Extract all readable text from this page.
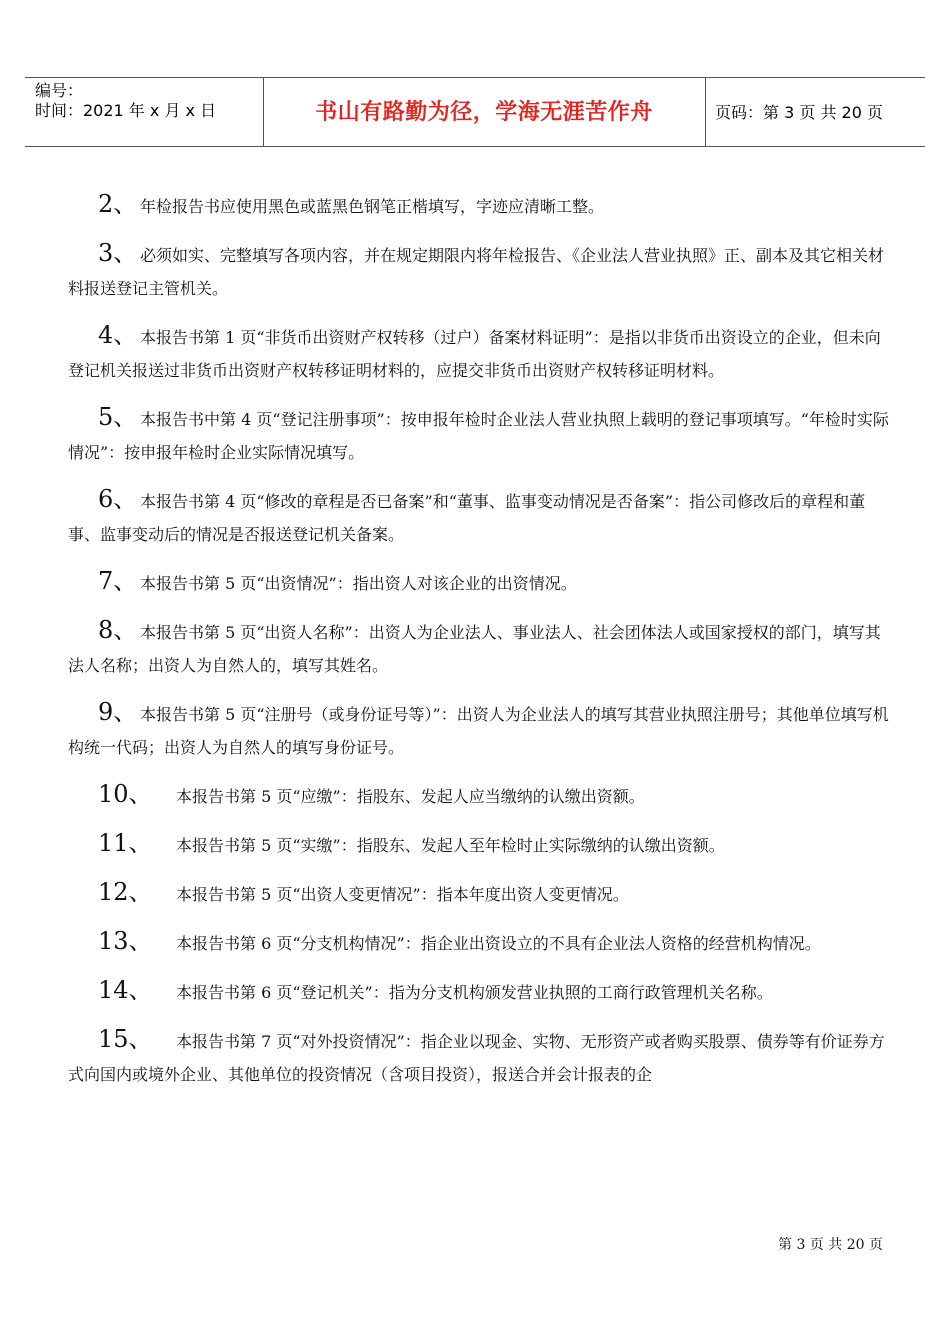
编号：
时间：2021 年 x 月 x 日	书山有路勤为径，学海无涯苦作舟	页码：第 3 页 共 20 页
2、 年检报告书应使用黑色或蓝黑色钢笔正楷填写，字迹应清晰工整。
3、 必须如实、完整填写各项内容，并在规定期限内将年检报告、《企业法人营业执照》正、副本及其它相关材料报送登记主管机关。
4、 本报告书第 1 页“非货币出资财产权转移（过户）备案材料证明”：是指以非货币出资设立的企业，但未向登记机关报送过非货币出资财产权转移证明材料的，应提交非货币出资财产权转移证明材料。
5、 本报告书中第 4 页“登记注册事项”：按申报年检时企业法人营业执照上载明的登记事项填写。“年检时实际情况”：按申报年检时企业实际情况填写。
6、 本报告书第 4 页“修改的章程是否已备案”和“董事、监事变动情况是否备案”：指公司修改后的章程和董事、监事变动后的情况是否报送登记机关备案。
7、 本报告书第 5 页“出资情况”：指出资人对该企业的出资情况。
8、 本报告书第 5 页“出资人名称”：出资人为企业法人、事业法人、社会团体法人或国家授权的部门，填写其法人名称；出资人为自然人的，填写其姓名。
9、 本报告书第 5 页“注册号（或身份证号等）”：出资人为企业法人的填写其营业执照注册号；其他单位填写机构统一代码；出资人为自然人的填写身份证号。
10、 本报告书第 5 页“应缴”：指股东、发起人应当缴纳的认缴出资额。
11、 本报告书第 5 页“实缴”：指股东、发起人至年检时止实际缴纳的认缴出资额。
12、 本报告书第 5 页“出资人变更情况”：指本年度出资人变更情况。
13、 本报告书第 6 页“分支机构情况”：指企业出资设立的不具有企业法人资格的经营机构情况。
14、 本报告书第 6 页“登记机关”：指为分支机构颁发营业执照的工商行政管理机关名称。
15、 本报告书第 7 页“对外投资情况”：指企业以现金、实物、无形资产或者购买股票、债券等有价证券方式向国内或境外企业、其他单位的投资情况（含项目投资），报送合并会计报表的企
第 3 页 共 20 页
